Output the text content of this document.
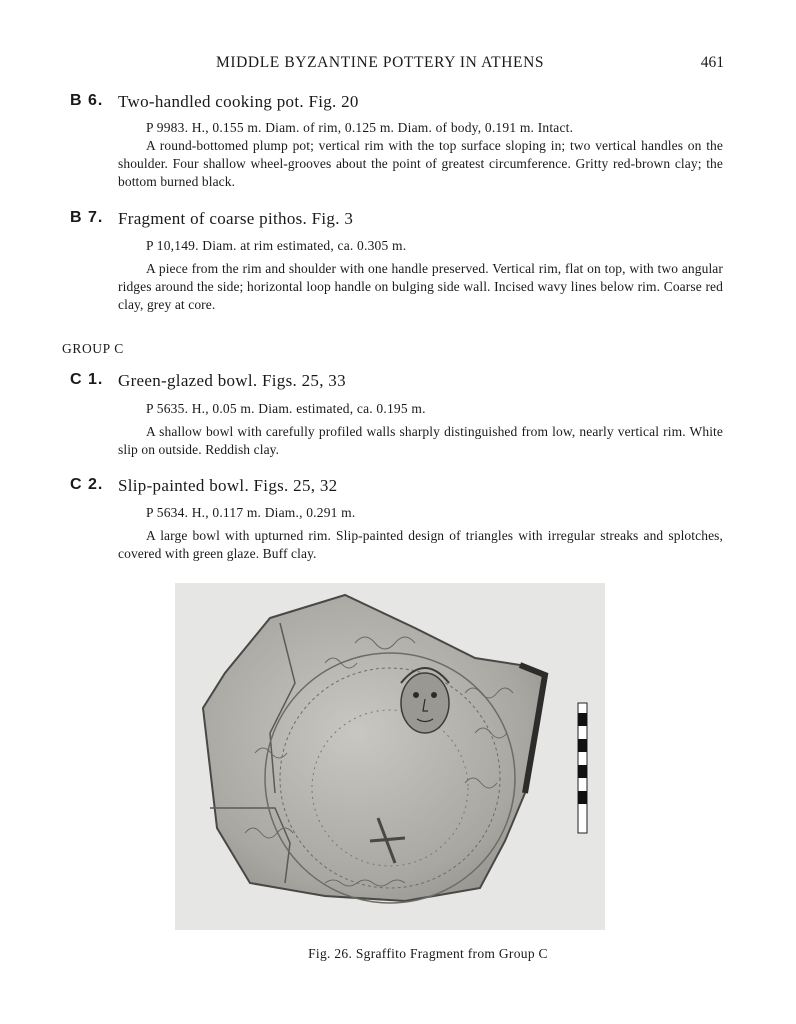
MIDDLE BYZANTINE POTTERY IN ATHENS	461
B 6. Two-handled cooking pot. Fig. 20
P 9983. H., 0.155 m. Diam. of rim, 0.125 m. Diam. of body, 0.191 m. Intact.

A round-bottomed plump pot; vertical rim with the top surface sloping in; two vertical handles on the shoulder. Four shallow wheel-grooves about the point of greatest circumference. Gritty red-brown clay; the bottom burned black.

B 7. Fragment of coarse pithos. Fig. 3
P 10,149. Diam. at rim estimated, ca. 0.305 m.

A piece from the rim and shoulder with one handle preserved. Vertical rim, flat on top, with two angular ridges around the side; horizontal loop handle on bulging side wall. Incised wavy lines below rim. Coarse red clay, grey at core.

GROUP C
C 1. Green-glazed bowl. Figs. 25, 33
P 5635. H., 0.05 m. Diam. estimated, ca. 0.195 m.

A shallow bowl with carefully profiled walls sharply distinguished from low, nearly vertical rim. White slip on outside. Reddish clay.

C 2. Slip-painted bowl. Figs. 25, 32
P 5634. H., 0.117 m. Diam., 0.291 m.

A large bowl with upturned rim. Slip-painted design of triangles with irregular streaks and splotches, covered with green glaze. Buff clay.

Fig. 26. Sgraffito Fragment from Group C
